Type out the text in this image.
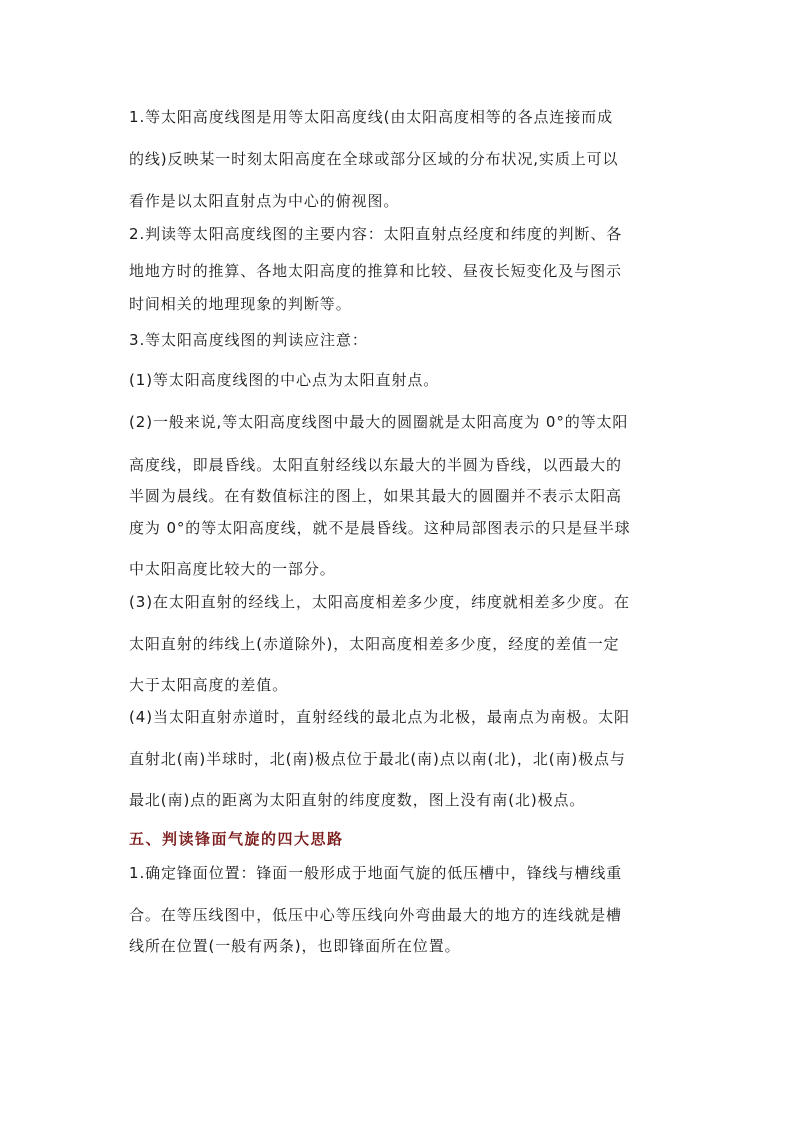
1.等太阳高度线图是用等太阳高度线(由太阳高度相等的各点连接而成
的线)反映某一时刻太阳高度在全球或部分区域的分布状况,实质上可以
看作是以太阳直射点为中心的俯视图。
2.判读等太阳高度线图的主要内容：太阳直射点经度和纬度的判断、各
地地方时的推算、各地太阳高度的推算和比较、昼夜长短变化及与图示
时间相关的地理现象的判断等。
3.等太阳高度线图的判读应注意：
(1)等太阳高度线图的中心点为太阳直射点。
(2)一般来说,等太阳高度线图中最大的圆圈就是太阳高度为 0°的等太阳
高度线，即晨昏线。太阳直射经线以东最大的半圆为昏线，以西最大的
半圆为晨线。在有数值标注的图上，如果其最大的圆圈并不表示太阳高
度为 0°的等太阳高度线，就不是晨昏线。这种局部图表示的只是昼半球
中太阳高度比较大的一部分。
(3)在太阳直射的经线上，太阳高度相差多少度，纬度就相差多少度。在
太阳直射的纬线上(赤道除外)，太阳高度相差多少度，经度的差值一定
大于太阳高度的差值。
(4)当太阳直射赤道时，直射经线的最北点为北极，最南点为南极。太阳
直射北(南)半球时，北(南)极点位于最北(南)点以南(北)，北(南)极点与
最北(南)点的距离为太阳直射的纬度度数，图上没有南(北)极点。
五、判读锋面气旋的四大思路
1.确定锋面位置：锋面一般形成于地面气旋的低压槽中，锋线与槽线重
合。在等压线图中，低压中心等压线向外弯曲最大的地方的连线就是槽
线所在位置(一般有两条)，也即锋面所在位置。
